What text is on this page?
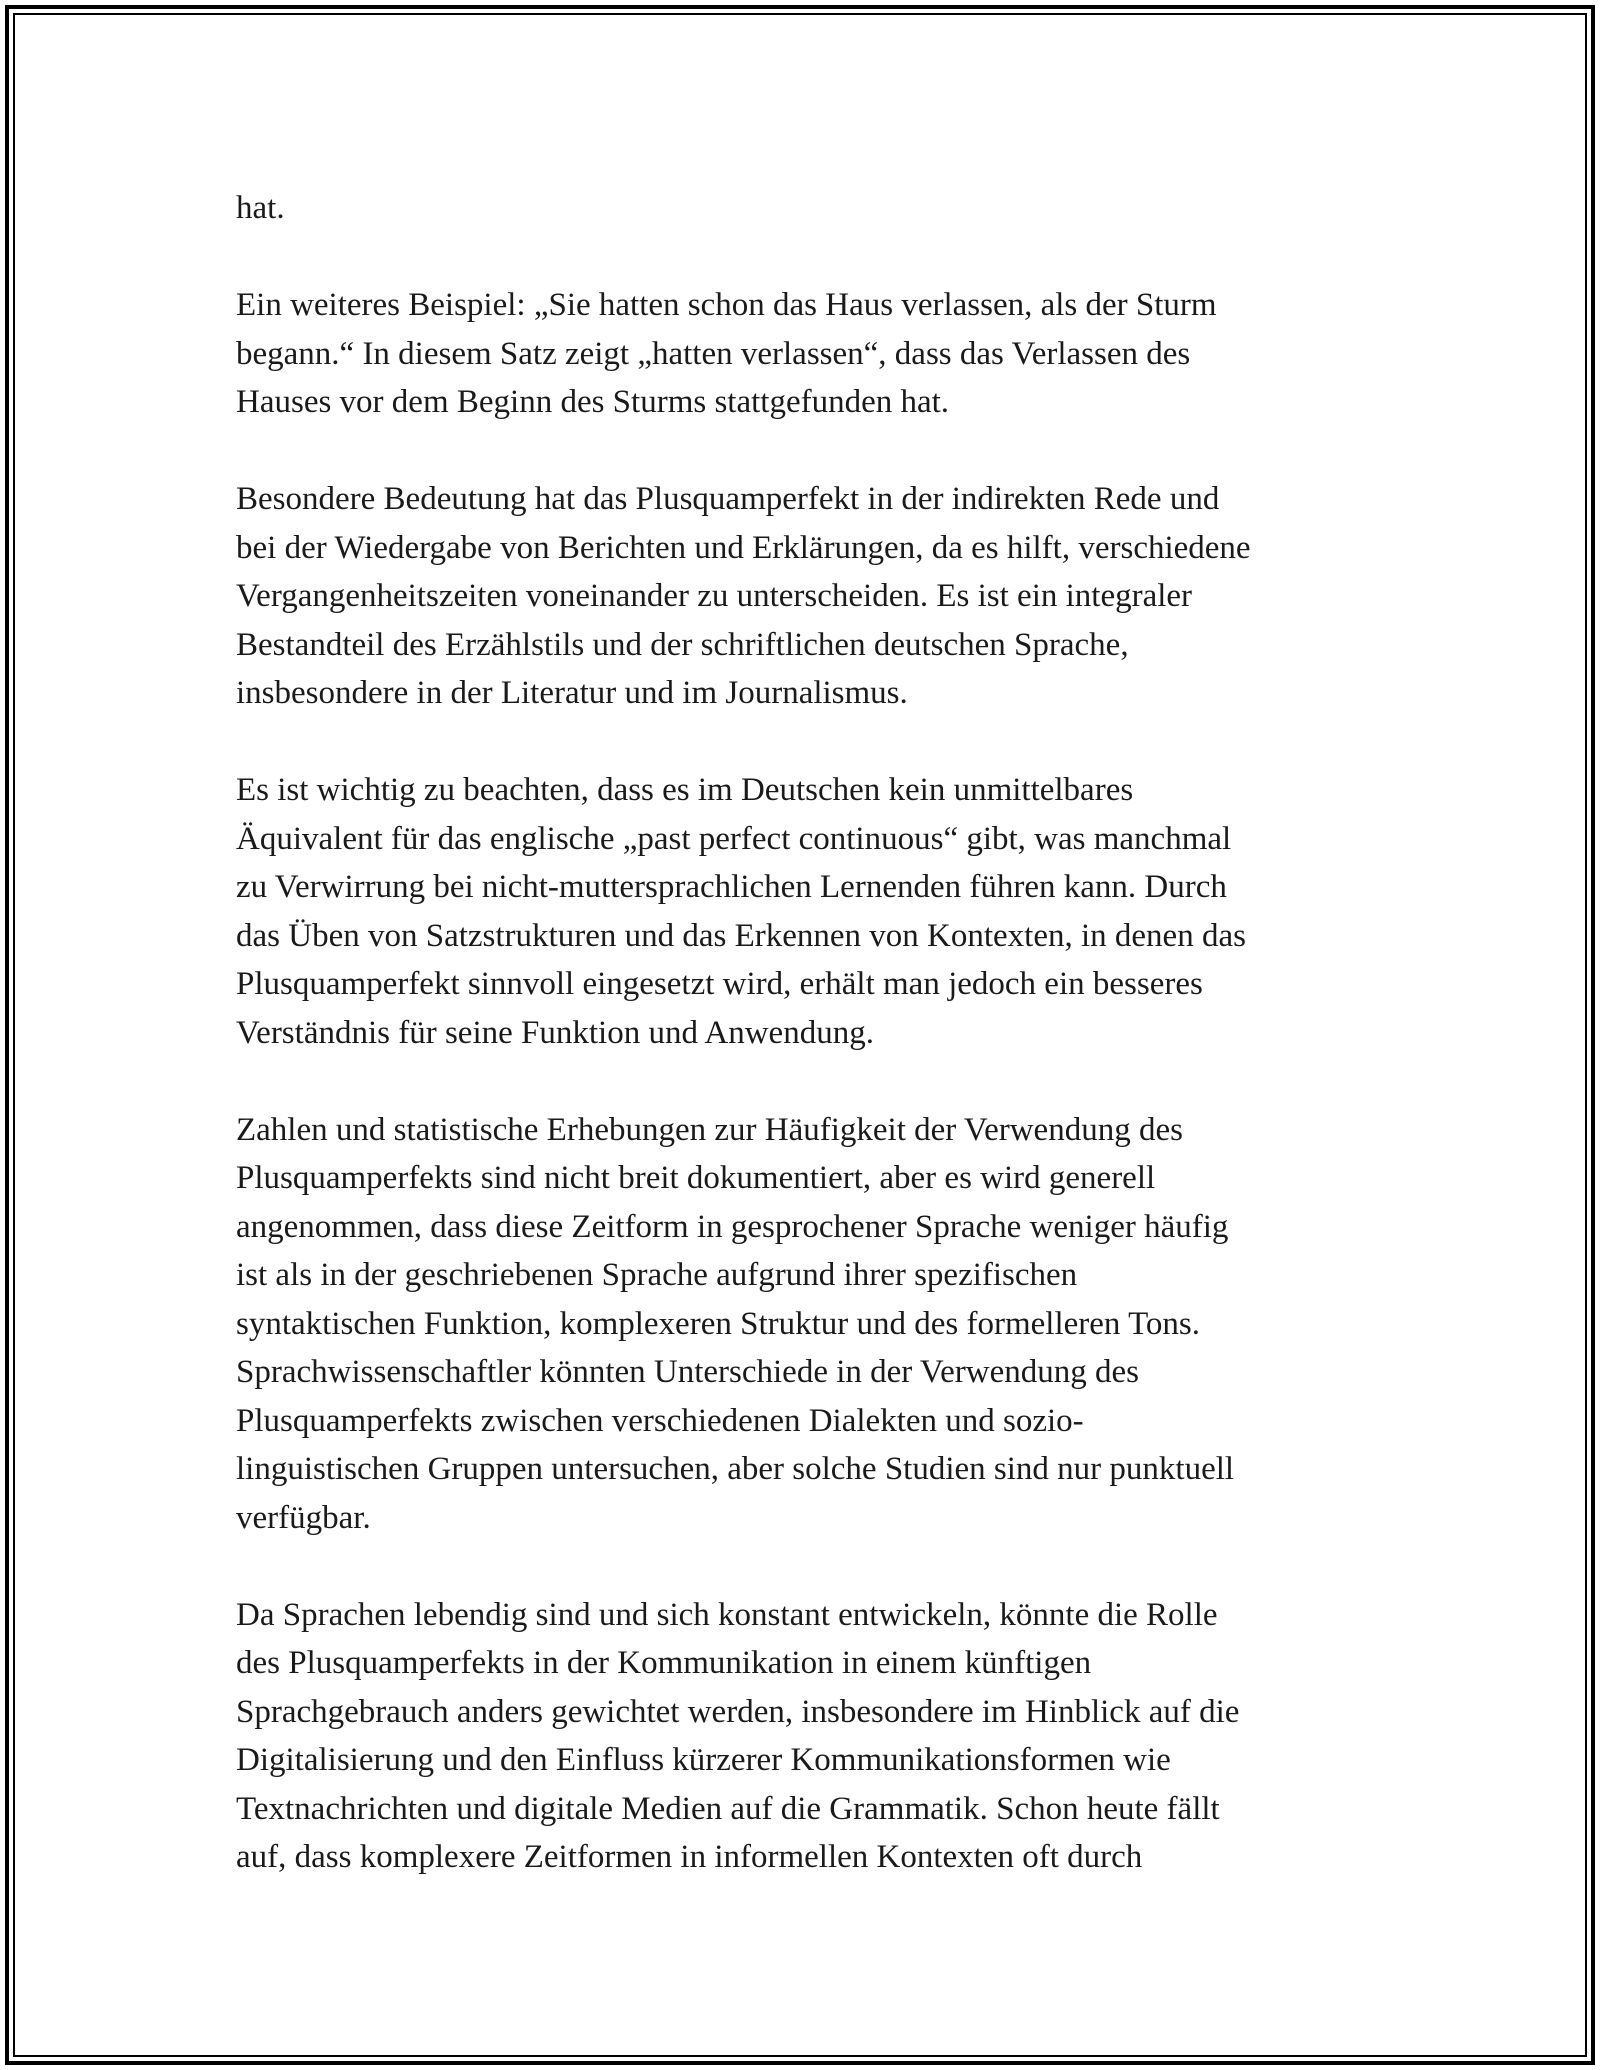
hat.

Ein weiteres Beispiel: „Sie hatten schon das Haus verlassen, als der Sturm
begann.“ In diesem Satz zeigt „hatten verlassen“, dass das Verlassen des
Hauses vor dem Beginn des Sturms stattgefunden hat.

Besondere Bedeutung hat das Plusquamperfekt in der indirekten Rede und
bei der Wiedergabe von Berichten und Erklärungen, da es hilft, verschiedene
Vergangenheitszeiten voneinander zu unterscheiden. Es ist ein integraler
Bestandteil des Erzählstils und der schriftlichen deutschen Sprache,
insbesondere in der Literatur und im Journalismus.

Es ist wichtig zu beachten, dass es im Deutschen kein unmittelbares
Äquivalent für das englische „past perfect continuous“ gibt, was manchmal
zu Verwirrung bei nicht-muttersprachlichen Lernenden führen kann. Durch
das Üben von Satzstrukturen und das Erkennen von Kontexten, in denen das
Plusquamperfekt sinnvoll eingesetzt wird, erhält man jedoch ein besseres
Verständnis für seine Funktion und Anwendung.

Zahlen und statistische Erhebungen zur Häufigkeit der Verwendung des
Plusquamperfekts sind nicht breit dokumentiert, aber es wird generell
angenommen, dass diese Zeitform in gesprochener Sprache weniger häufig
ist als in der geschriebenen Sprache aufgrund ihrer spezifischen
syntaktischen Funktion, komplexeren Struktur und des formelleren Tons.
Sprachwissenschaftler könnten Unterschiede in der Verwendung des
Plusquamperfekts zwischen verschiedenen Dialekten und sozio-
linguistischen Gruppen untersuchen, aber solche Studien sind nur punktuell
verfügbar.

Da Sprachen lebendig sind und sich konstant entwickeln, könnte die Rolle
des Plusquamperfekts in der Kommunikation in einem künftigen
Sprachgebrauch anders gewichtet werden, insbesondere im Hinblick auf die
Digitalisierung und den Einfluss kürzerer Kommunikationsformen wie
Textnachrichten und digitale Medien auf die Grammatik. Schon heute fällt
auf, dass komplexere Zeitformen in informellen Kontexten oft durch
